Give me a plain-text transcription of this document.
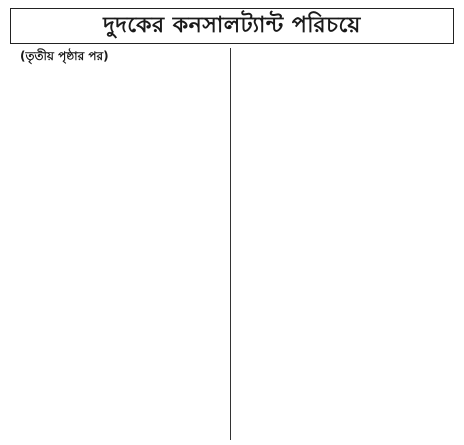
দুদকের কনসালট্যান্ট পরিচয়ে

(তৃতীয় পৃষ্ঠার পর)
